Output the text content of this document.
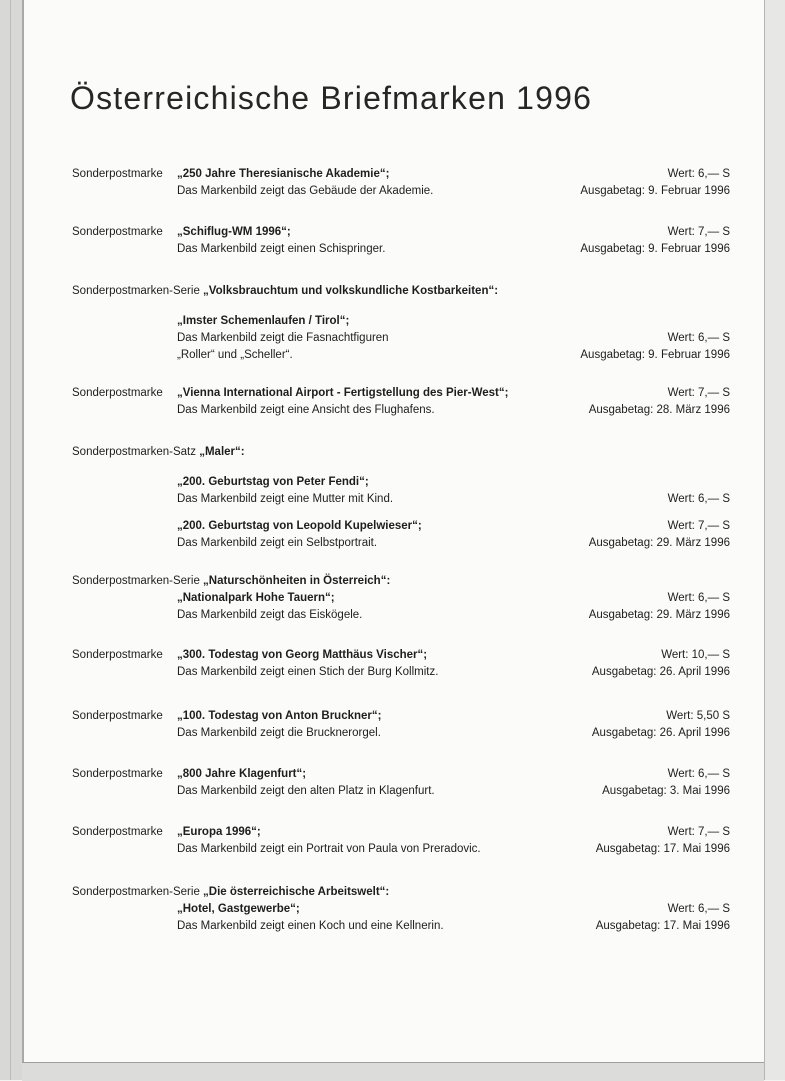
Österreichische Briefmarken 1996
Sonderpostmarke „250 Jahre Theresianische Akademie“;	Wert: 6,— S
Das Markenbild zeigt das Gebäude der Akademie.	Ausgabetag: 9. Februar 1996
Sonderpostmarke „Schiflug-WM 1996“;	Wert: 7,— S
Das Markenbild zeigt einen Schispringer.	Ausgabetag: 9. Februar 1996
Sonderpostmarken-Serie „Volksbrauchtum und volkskundliche Kostbarkeiten“:
„Imster Schemenlaufen / Tirol“;
Das Markenbild zeigt die Fasnachtfiguren	Wert: 6,— S
„Roller“ und „Scheller“.	Ausgabetag: 9. Februar 1996
Sonderpostmarke „Vienna International Airport - Fertigstellung des Pier-West“;	Wert: 7,— S
Das Markenbild zeigt eine Ansicht des Flughafens.	Ausgabetag: 28. März 1996
Sonderpostmarken-Satz „Maler“:
„200. Geburtstag von Peter Fendi“;
Das Markenbild zeigt eine Mutter mit Kind.	Wert: 6,— S
„200. Geburtstag von Leopold Kupelwieser“;	Wert: 7,— S
Das Markenbild zeigt ein Selbstportrait.	Ausgabetag: 29. März 1996
Sonderpostmarken-Serie „Naturschönheiten in Österreich“:
„Nationalpark Hohe Tauern“;	Wert: 6,— S
Das Markenbild zeigt das Eiskögele.	Ausgabetag: 29. März 1996
Sonderpostmarke „300. Todestag von Georg Matthäus Vischer“;	Wert: 10,— S
Das Markenbild zeigt einen Stich der Burg Kollmitz.	Ausgabetag: 26. April 1996
Sonderpostmarke „100. Todestag von Anton Bruckner“;	Wert: 5,50 S
Das Markenbild zeigt die Brucknerorgel.	Ausgabetag: 26. April 1996
Sonderpostmarke „800 Jahre Klagenfurt“;	Wert: 6,— S
Das Markenbild zeigt den alten Platz in Klagenfurt.	Ausgabetag: 3. Mai 1996
Sonderpostmarke „Europa 1996“;	Wert: 7,— S
Das Markenbild zeigt ein Portrait von Paula von Preradovic.	Ausgabetag: 17. Mai 1996
Sonderpostmarken-Serie „Die österreichische Arbeitswelt“:
„Hotel, Gastgewerbe“;	Wert: 6,— S
Das Markenbild zeigt einen Koch und eine Kellnerin.	Ausgabetag: 17. Mai 1996
